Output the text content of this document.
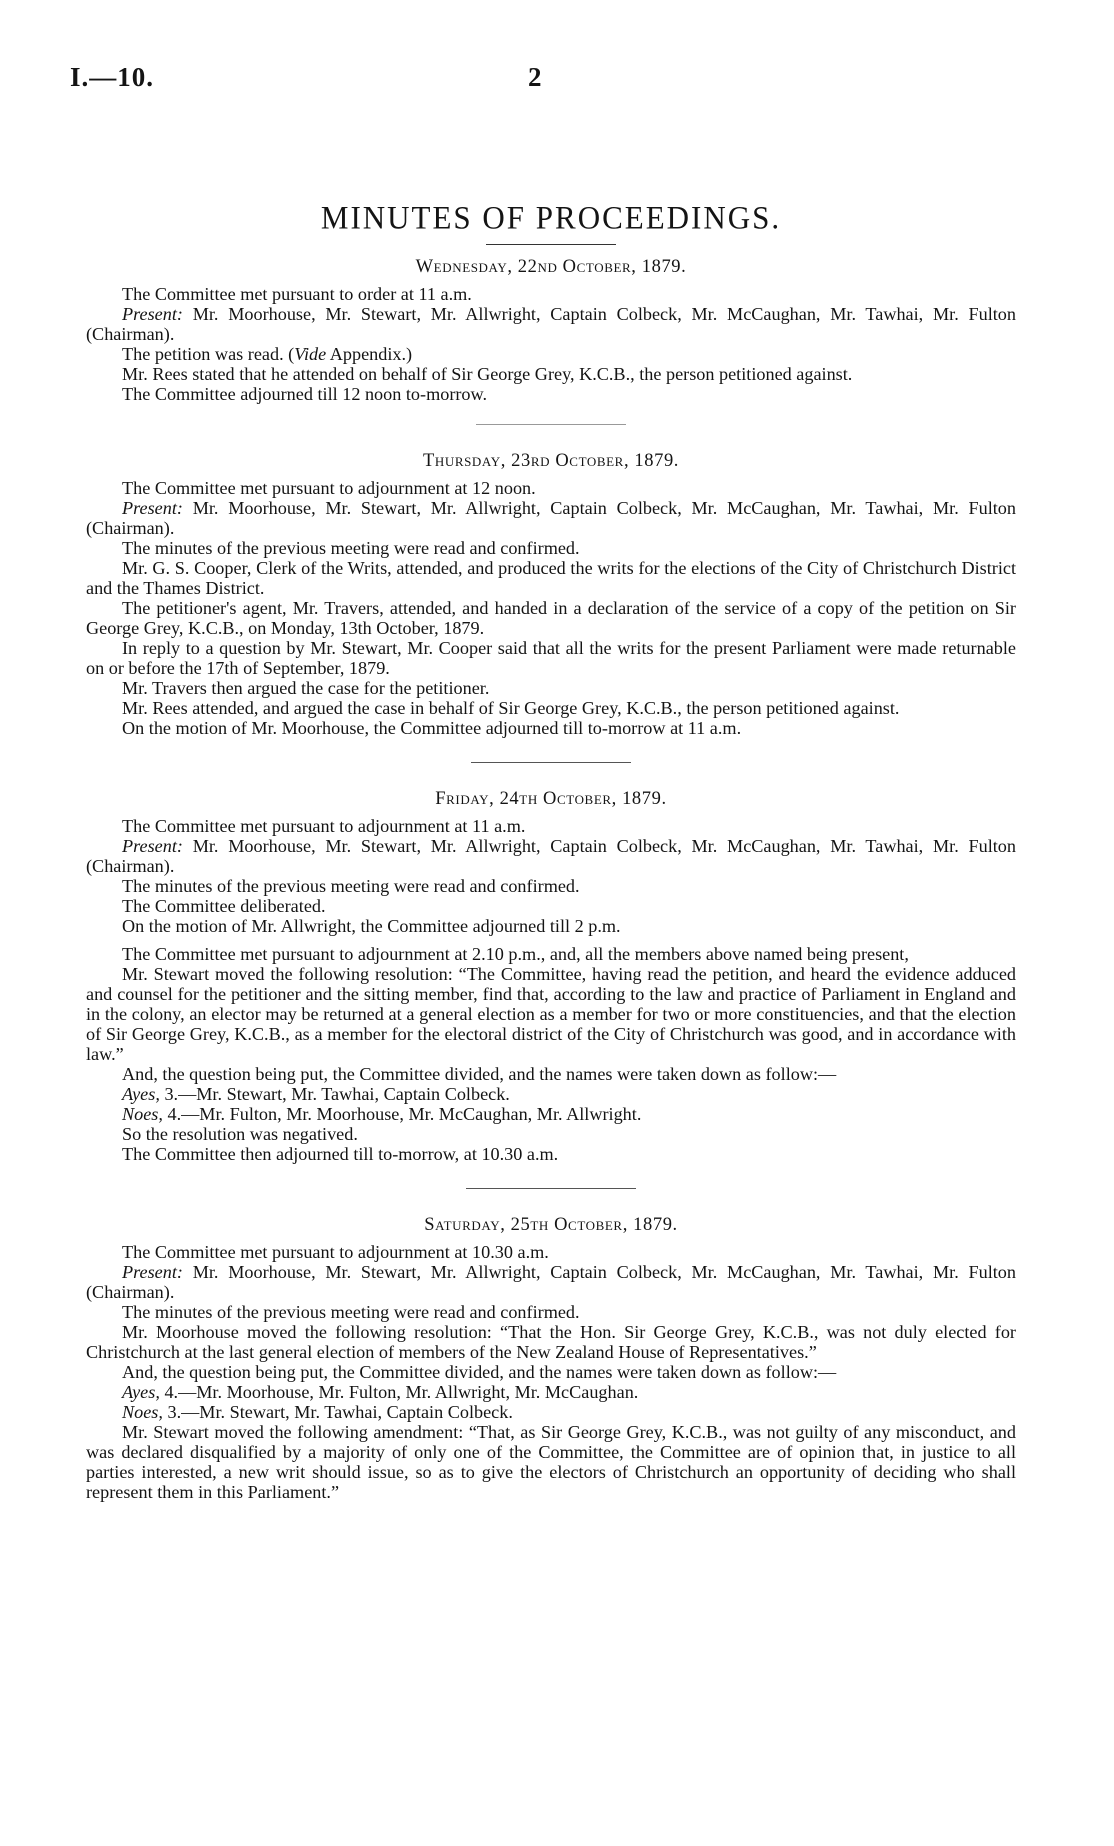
I.—10.	2
MINUTES OF PROCEEDINGS.

Wednesday, 22nd October, 1879.

The Committee met pursuant to order at 11 a.m.

Present: Mr. Moorhouse, Mr. Stewart, Mr. Allwright, Captain Colbeck, Mr. McCaughan, Mr. Tawhai, Mr. Fulton (Chairman).

The petition was read. (Vide Appendix.)

Mr. Rees stated that he attended on behalf of Sir George Grey, K.C.B., the person petitioned against.

The Committee adjourned till 12 noon to-morrow.

Thursday, 23rd October, 1879.

The Committee met pursuant to adjournment at 12 noon.

Present: Mr. Moorhouse, Mr. Stewart, Mr. Allwright, Captain Colbeck, Mr. McCaughan, Mr. Tawhai, Mr. Fulton (Chairman).

The minutes of the previous meeting were read and confirmed.

Mr. G. S. Cooper, Clerk of the Writs, attended, and produced the writs for the elections of the City of Christchurch District and the Thames District.

The petitioner's agent, Mr. Travers, attended, and handed in a declaration of the service of a copy of the petition on Sir George Grey, K.C.B., on Monday, 13th October, 1879.

In reply to a question by Mr. Stewart, Mr. Cooper said that all the writs for the present Parliament were made returnable on or before the 17th of September, 1879.

Mr. Travers then argued the case for the petitioner.

Mr. Rees attended, and argued the case in behalf of Sir George Grey, K.C.B., the person petitioned against.

On the motion of Mr. Moorhouse, the Committee adjourned till to-morrow at 11 a.m.

Friday, 24th October, 1879.

The Committee met pursuant to adjournment at 11 a.m.

Present: Mr. Moorhouse, Mr. Stewart, Mr. Allwright, Captain Colbeck, Mr. McCaughan, Mr. Tawhai, Mr. Fulton (Chairman).

The minutes of the previous meeting were read and confirmed.

The Committee deliberated.

On the motion of Mr. Allwright, the Committee adjourned till 2 p.m.

The Committee met pursuant to adjournment at 2.10 p.m., and, all the members above named being present,

Mr. Stewart moved the following resolution: “The Committee, having read the petition, and heard the evidence adduced and counsel for the petitioner and the sitting member, find that, according to the law and practice of Parliament in England and in the colony, an elector may be returned at a general election as a member for two or more constituencies, and that the election of Sir George Grey, K.C.B., as a member for the electoral district of the City of Christchurch was good, and in accordance with law.”

And, the question being put, the Committee divided, and the names were taken down as follow:—

Ayes, 3.—Mr. Stewart, Mr. Tawhai, Captain Colbeck.

Noes, 4.—Mr. Fulton, Mr. Moorhouse, Mr. McCaughan, Mr. Allwright.

So the resolution was negatived.

The Committee then adjourned till to-morrow, at 10.30 a.m.

Saturday, 25th October, 1879.

The Committee met pursuant to adjournment at 10.30 a.m.

Present: Mr. Moorhouse, Mr. Stewart, Mr. Allwright, Captain Colbeck, Mr. McCaughan, Mr. Tawhai, Mr. Fulton (Chairman).

The minutes of the previous meeting were read and confirmed.

Mr. Moorhouse moved the following resolution: “That the Hon. Sir George Grey, K.C.B., was not duly elected for Christchurch at the last general election of members of the New Zealand House of Representatives.”

And, the question being put, the Committee divided, and the names were taken down as follow:—

Ayes, 4.—Mr. Moorhouse, Mr. Fulton, Mr. Allwright, Mr. McCaughan.

Noes, 3.—Mr. Stewart, Mr. Tawhai, Captain Colbeck.

Mr. Stewart moved the following amendment: “That, as Sir George Grey, K.C.B., was not guilty of any misconduct, and was declared disqualified by a majority of only one of the Committee, the Committee are of opinion that, in justice to all parties interested, a new writ should issue, so as to give the electors of Christchurch an opportunity of deciding who shall represent them in this Parliament.”
